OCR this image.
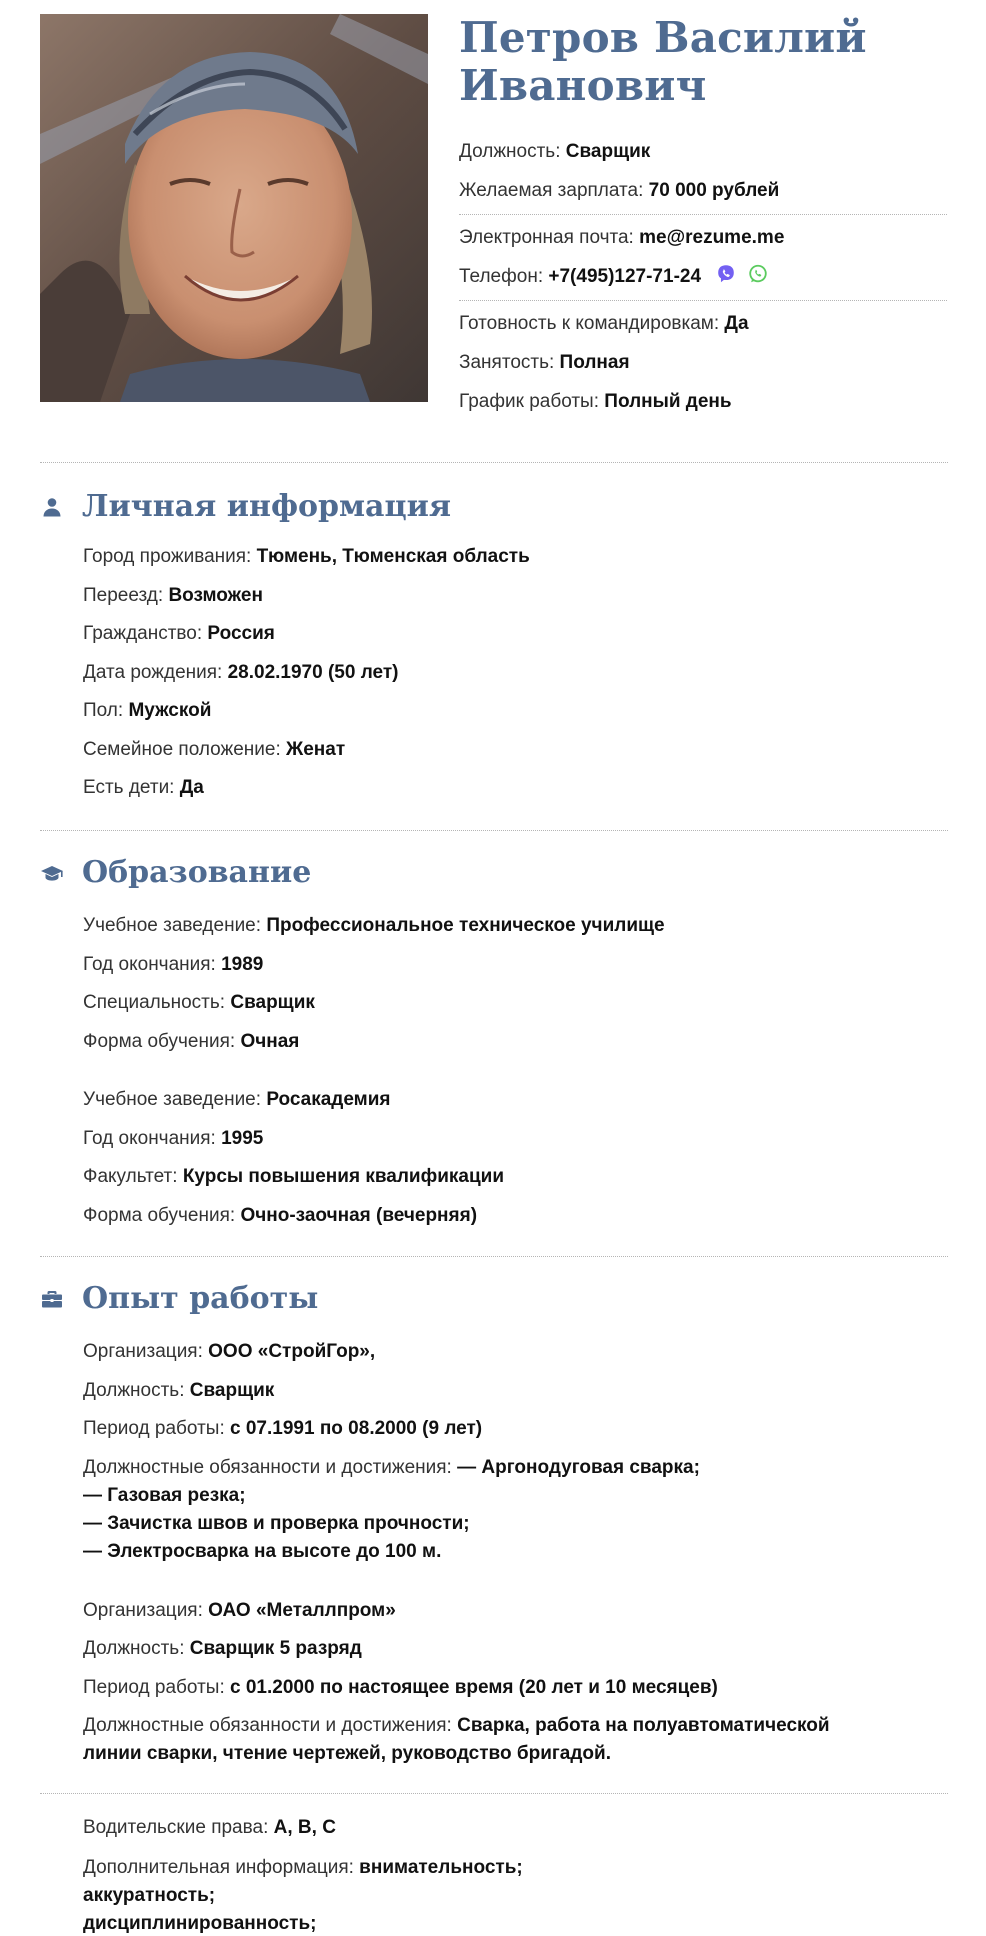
Петров Василий
Иванович
Должность: Сварщик
Желаемая зарплата: 70 000 рублей
Электронная почта: me@rezume.me
Телефон: +7(495)127-71-24
Готовность к командировкам: Да
Занятость: Полная
График работы: Полный день
Личная информация
Город проживания: Тюмень, Тюменская область
Переезд: Возможен
Гражданство: Россия
Дата рождения: 28.02.1970 (50 лет)
Пол: Мужской
Семейное положение: Женат
Есть дети: Да
Образование
Учебное заведение: Профессиональное техническое училище
Год окончания: 1989
Специальность: Сварщик
Форма обучения: Очная
Учебное заведение: Росакадемия
Год окончания: 1995
Факультет: Курсы повышения квалификации
Форма обучения: Очно-заочная (вечерняя)
Опыт работы
Организация: ООО «СтройГор»,
Должность: Сварщик
Период работы: с 07.1991 по 08.2000 (9 лет)
Должностные обязанности и достижения: — Аргонодуговая сварка;
— Газовая резка;
— Зачистка швов и проверка прочности;
— Электросварка на высоте до 100 м.
Организация: ОАО «Металлпром»
Должность: Сварщик 5 разряд
Период работы: с 01.2000 по настоящее время (20 лет и 10 месяцев)
Должностные обязанности и достижения: Сварка, работа на полуавтоматической
линии сварки, чтение чертежей, руководство бригадой.
Водительские права: A, B, C
Дополнительная информация: внимательность;
аккуратность;
дисциплинированность;
